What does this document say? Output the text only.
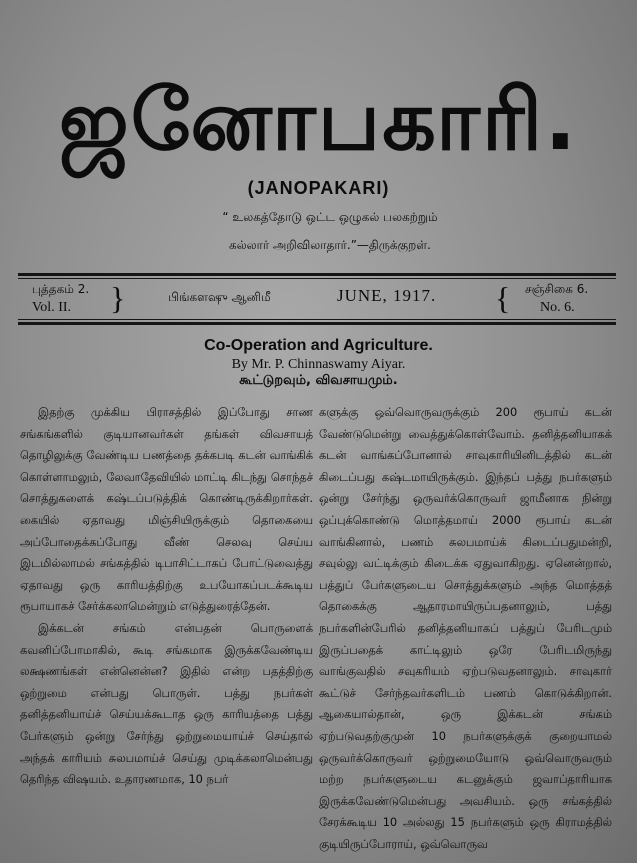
ஜனோபகாரி.
(JANOPAKARI)
“ உலகத்தோடு ஒட்ட ஒழுகல் பலகற்றும்
கல்லார் அறிவிலாதார்.”—திருக்குறள்.
புத்தகம் 2.
Vol. II. }	பிங்களஷு ஆனிமீ	JUNE, 1917. { சஞ்சிகை 6.
No. 6.
Co-Operation and Agriculture.
By Mr. P. Chinnaswamy Aiyar.
கூட்டுறவும், விவசாயமும்.

இதற்கு முக்கிய பிராசத்தில் இப்போது சாண சங்கங்களில் குடியானவர்கள் தங்கள் விவசாயத் தொழிலுக்கு வேண்டிய பணத்தை தக்கபடி கடன் வாங்கிக் கொள்ளாமலும், லேவாதேவியில் மாட்டி கிடந்து சொந்தச் சொத்துகளைக் கஷ்டப்படுத்திக் கொண்டிருக்கிறார்கள். கையில் ஏதாவது மிஞ்சியிருக்கும் தொகையை அப்போதைக்கப்போது வீண் செலவு செய்ய இடமில்லாமல் சங்கத்தில் டிபாசிட்டாகப் போட்டுவைத்து ஏதாவது ஒரு காரியத்திற்கு உபயோகப்படக்கூடிய ரூபாயாகச் சேர்க்கலாமென்றும் எடுத்துரைத்தேன்.

இக்கடன் சங்கம் என்பதன் பொருளைக் கவனிப்போமாகில், கூடி சங்கமாக இருக்கவேண்டிய லக்ஷணங்கள் என்னென்ன? இதில் என்ற பதத்திற்கு ஒற்றுமை என்பது பொருள். பத்து நபர்கள் தனித்தனியாய்ச் செய்யக்கூடாத ஒரு காரியத்தை பத்து பேர்களும் ஒன்று சேர்ந்து ஒற்றுமையாய்ச் செய்தால் அந்தக் காரியம் சுலபமாய்ச் செய்து முடிக்கலாமென்பது தெரிந்த விஷயம். உதாரணமாக, 10 நபர்

களுக்கு ஒவ்வொருவருக்கும் 200 ரூபாய் கடன் வேண்டுமென்று வைத்துக்கொள்வோம். தனித்தனியாகக் கடன் வாங்கப்போனால் சாவுகாரியினிடத்தில் கடன் கிடைப்பது கஷ்டமாயிருக்கும். இந்தப் பத்து நபர்களும் ஒன்று சேர்ந்து ஒருவர்க்கொருவர் ஜாமீனாக நின்று ஒப்புக்கொண்டு மொத்தமாய் 2000 ரூபாய் கடன் வாங்கினால், பணம் சுலபமாய்க் கிடைப்பதுமன்றி, சவுல்லு வட்டிக்கும் கிடைக்க ஏதுவாகிறது. ஏனென்றால், பத்துப் பேர்களுடைய சொத்துக்களும் அந்த மொத்தத் தொகைக்கு ஆதாரமாயிருப்பதனாலும், பத்து நபர்களின்பேரில் தனித்தனியாகப் பத்துப் பேரிடமும் இருப்பதைக் காட்டிலும் ஒரே பேரிடமிருந்து வாங்குவதில் சவுகரியம் ஏற்படுவதனாலும். சாவுகார் கூட்டுச் சேர்ந்தவர்களிடம் பணம் கொடுக்கிறான். ஆகையால்தான், ஒரு இக்கடன் சங்கம் ஏற்படுவதற்குமுன் 10 நபர்களுக்குக் குறையாமல் ஒருவர்க்கொருவர் ஒற்றுமையோடு ஒவ்வொருவரும் மற்ற நபர்களுடைய கடனுக்கும் ஜவாப்தாரியாக இருக்கவேண்டுமென்பது அவசியம். ஒரு சங்கத்தில் சேரக்கூடிய 10 அல்லது 15 நபர்களும் ஒரு கிராமத்தில் குடியிருப்போராய், ஒவ்வொருவ
